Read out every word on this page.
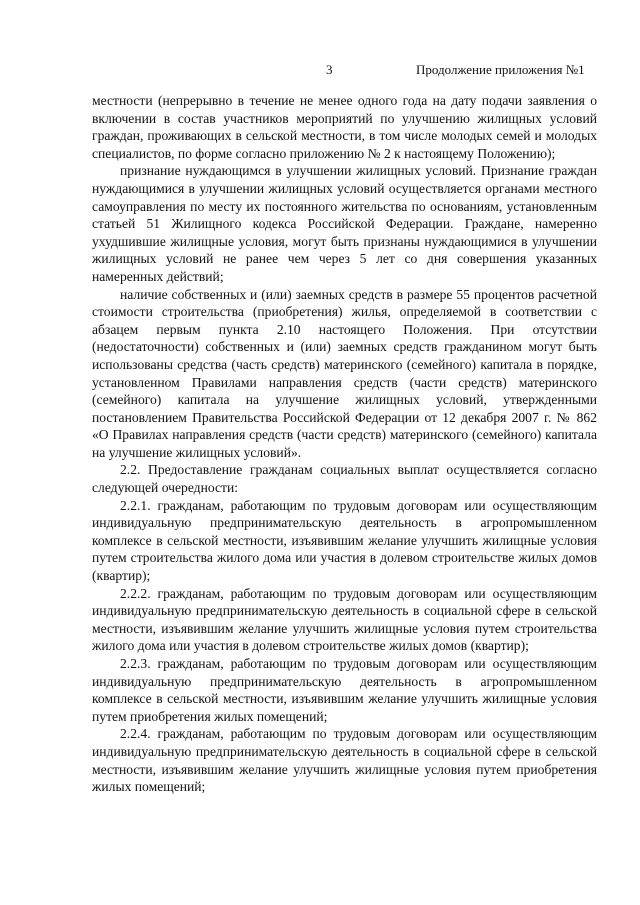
3	Продолжение приложения №1

местности (непрерывно в течение не менее одного года на дату подачи заявления о включении в состав участников мероприятий по улучшению жилищных условий граждан, проживающих в сельской местности, в том числе молодых семей и молодых специалистов, по форме согласно приложению № 2 к настоящему Положению);

признание нуждающимся в улучшении жилищных условий. Признание граждан нуждающимися в улучшении жилищных условий осуществляется органами местного самоуправления по месту их постоянного жительства по основаниям, установленным статьей 51 Жилищного кодекса Российской Федерации. Граждане, намеренно ухудшившие жилищные условия, могут быть признаны нуждающимися в улучшении жилищных условий не ранее чем через 5 лет со дня совершения указанных намеренных действий;

наличие собственных и (или) заемных средств в размере 55 процентов расчетной стоимости строительства (приобретения) жилья, определяемой в соответствии с абзацем первым пункта 2.10 настоящего Положения. При отсутствии (недостаточности) собственных и (или) заемных средств гражданином могут быть использованы средства (часть средств) материнского (семейного) капитала в порядке, установленном Правилами направления средств (части средств) материнского (семейного) капитала на улучшение жилищных условий, утвержденными постановлением Правительства Российской Федерации от 12 декабря 2007 г. № 862 «О Правилах направления средств (части средств) материнского (семейного) капитала на улучшение жилищных условий».

2.2. Предоставление гражданам социальных выплат осуществляется согласно следующей очередности:

2.2.1. гражданам, работающим по трудовым договорам или осуществляющим индивидуальную предпринимательскую деятельность в агропромышленном комплексе в сельской местности, изъявившим желание улучшить жилищные условия путем строительства жилого дома или участия в долевом строительстве жилых домов (квартир);

2.2.2. гражданам, работающим по трудовым договорам или осуществляющим индивидуальную предпринимательскую деятельность в социальной сфере в сельской местности, изъявившим желание улучшить жилищные условия путем строительства жилого дома или участия в долевом строительстве жилых домов (квартир);

2.2.3. гражданам, работающим по трудовым договорам или осуществляющим индивидуальную предпринимательскую деятельность в агропромышленном комплексе в сельской местности, изъявившим желание улучшить жилищные условия путем приобретения жилых помещений;

2.2.4. гражданам, работающим по трудовым договорам или осуществляющим индивидуальную предпринимательскую деятельность в социальной сфере в сельской местности, изъявившим желание улучшить жилищные условия путем приобретения жилых помещений;
